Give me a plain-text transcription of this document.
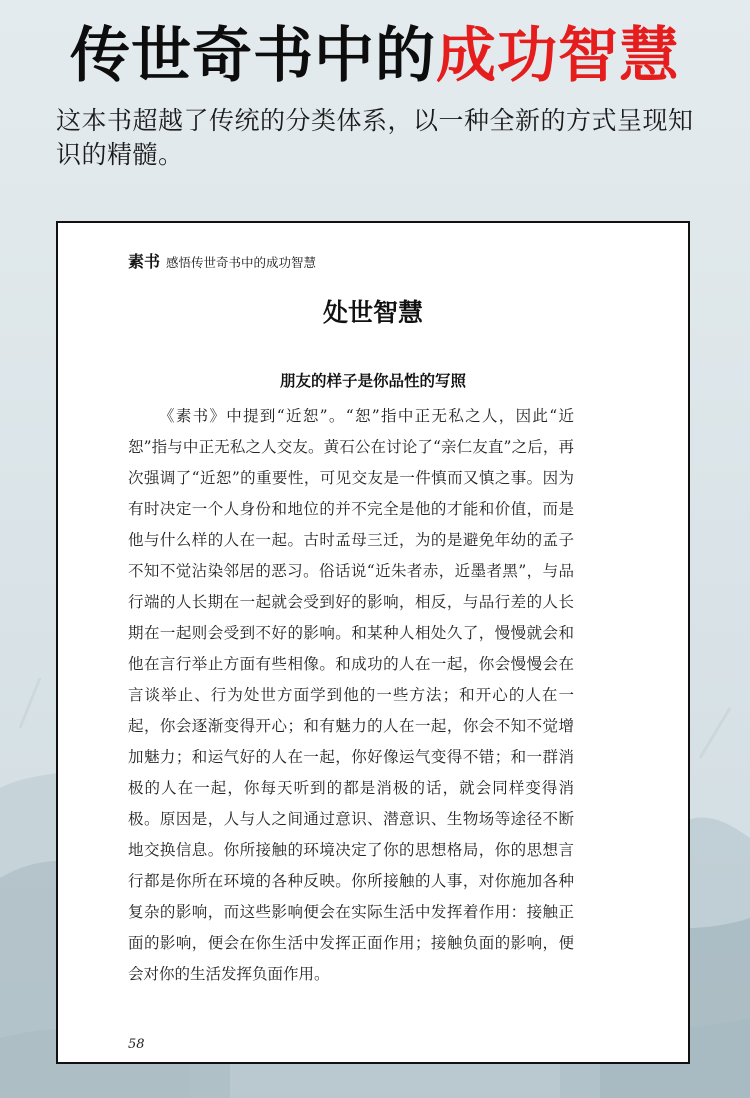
传世奇书中的成功智慧
这本书超越了传统的分类体系，以一种全新的方式呈现知识的精髓。
素书 感悟传世奇书中的成功智慧
处世智慧
朋友的样子是你品性的写照

《素书》中提到“近恕”。“恕”指中正无私之人，因此“近恕”指与中正无私之人交友。黄石公在讨论了“亲仁友直”之后，再次强调了“近恕”的重要性，可见交友是一件慎而又慎之事。因为有时决定一个人身份和地位的并不完全是他的才能和价值，而是他与什么样的人在一起。古时孟母三迁，为的是避免年幼的孟子不知不觉沾染邻居的恶习。俗话说“近朱者赤，近墨者黑”，与品行端的人长期在一起就会受到好的影响，相反，与品行差的人长期在一起则会受到不好的影响。和某种人相处久了，慢慢就会和他在言行举止方面有些相像。和成功的人在一起，你会慢慢会在言谈举止、行为处世方面学到他的一些方法；和开心的人在一起，你会逐渐变得开心；和有魅力的人在一起，你会不知不觉增加魅力；和运气好的人在一起，你好像运气变得不错；和一群消极的人在一起，你每天听到的都是消极的话，就会同样变得消极。原因是，人与人之间通过意识、潜意识、生物场等途径不断地交换信息。你所接触的环境决定了你的思想格局，你的思想言行都是你所在环境的各种反映。你所接触的人事，对你施加各种复杂的影响，而这些影响便会在实际生活中发挥着作用：接触正面的影响，便会在你生活中发挥正面作用；接触负面的影响，便会对你的生活发挥负面作用。

58
